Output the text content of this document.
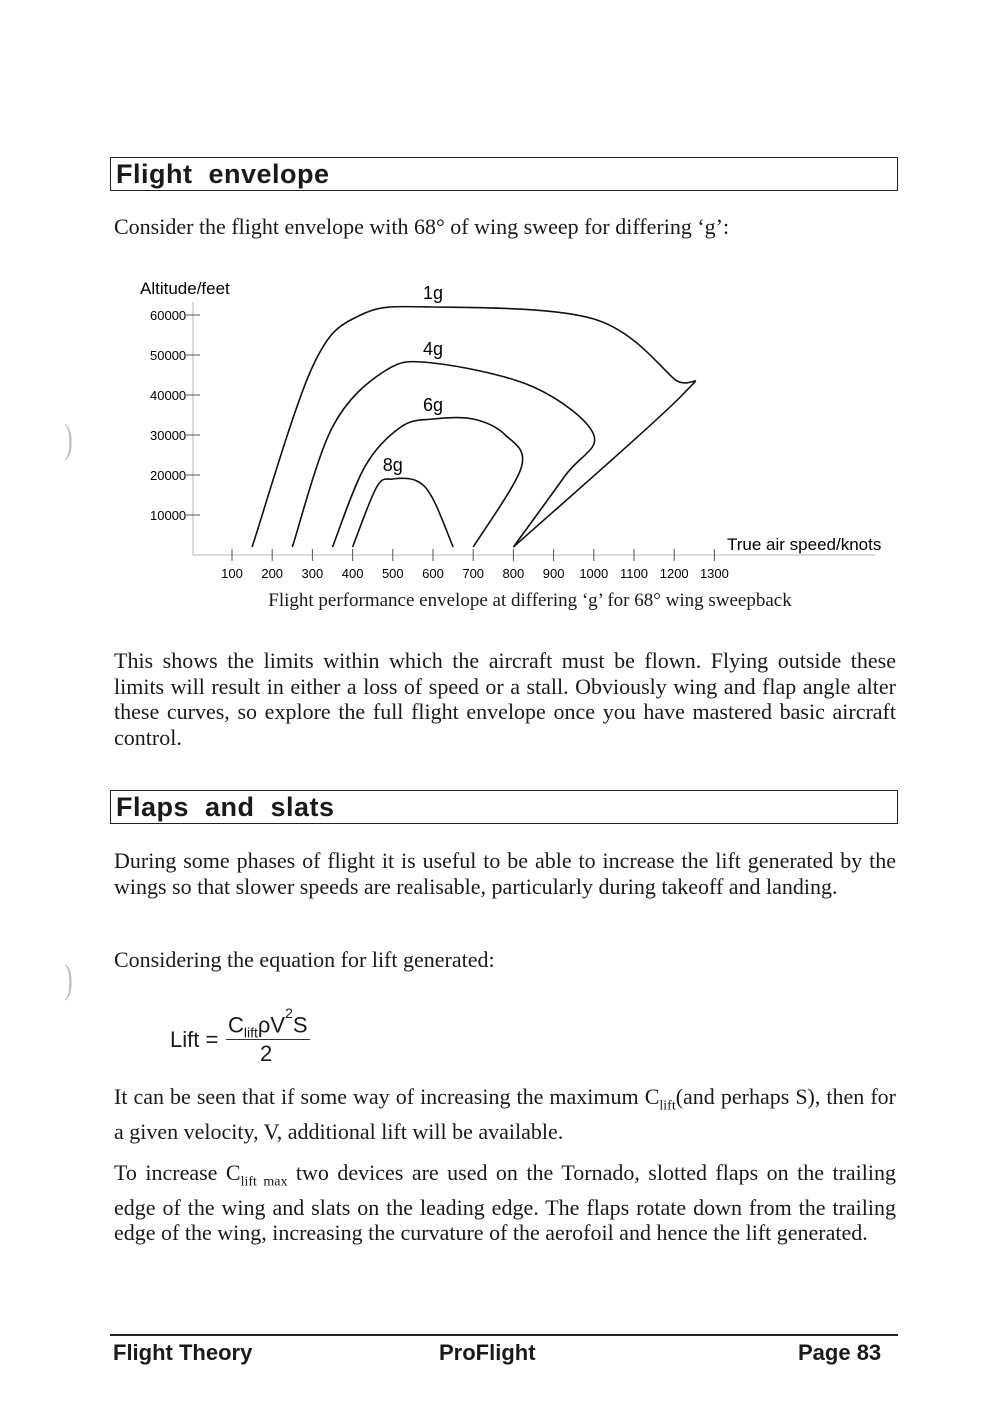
Flight envelope

Consider the flight envelope with 68° of wing sweep for differing ‘g’:

Altitude/feet
True air speed/knots
60000
50000
40000
30000
20000
10000
100 200 300 400 500 600 700 800 900 1000 1100 1200 1300
1g
4g
6g
8g
Flight performance envelope at differing ‘g’ for 68° wing sweepback

This shows the limits within which the aircraft must be flown. Flying outside these limits will result in either a loss of speed or a stall. Obviously wing and flap angle alter these curves, so explore the full flight envelope once you have mastered basic aircraft control.

Flaps and slats

During some phases of flight it is useful to be able to increase the lift generated by the wings so that slower speeds are realisable, particularly during takeoff and landing.

Considering the equation for lift generated:

Lift =
$C_{lift}\rho V^2S$
2

It can be seen that if some way of increasing the maximum $C_{lift}(and$ perhaps S), then for a given velocity, V, additional lift will be available.

To increase $C_{lift max}$ two devices are used on the Tornado, slotted flaps on the trailing edge of the wing and slats on the leading edge. The flaps rotate down from the trailing edge of the wing, increasing the curvature of the aerofoil and hence the lift generated.

)
)
Flight Theory	ProFlight	Page 83
